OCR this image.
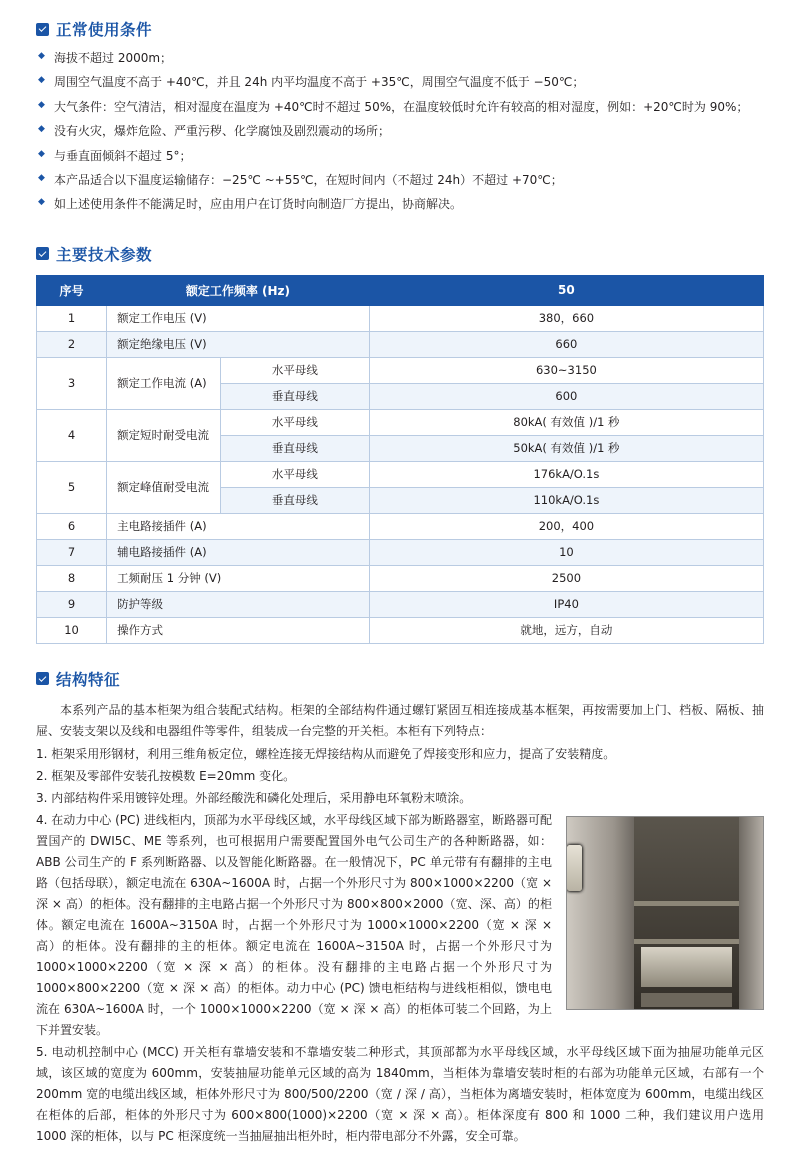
正常使用条件
◆ 海拔不超过 2000m；
◆ 周围空气温度不高于 +40℃，并且 24h 内平均温度不高于 +35℃，周围空气温度不低于 −50℃；
◆ 大气条件：空气清洁，相对湿度在温度为 +40℃时不超过 50%，在温度较低时允许有较高的相对湿度，例如：+20℃时为 90%；
◆ 没有火灾，爆炸危险、严重污秽、化学腐蚀及剧烈震动的场所；
◆ 与垂直面倾斜不超过 5°；
◆ 本产品适合以下温度运输储存：−25℃ ~+55℃，在短时间内（不超过 24h）不超过 +70℃；
◆ 如上述使用条件不能满足时，应由用户在订货时向制造厂方提出，协商解决。
主要技术参数
序号	额定工作频率 (Hz)		50
1	额定工作电压 (V)		380，660
2	额定绝缘电压 (V)		660
3	额定工作电流 (A)	水平母线	630~3150
		垂直母线	600
4	额定短时耐受电流	水平母线	80kA( 有效值 )/1 秒
		垂直母线	50kA( 有效值 )/1 秒
5	额定峰值耐受电流	水平母线	176kA/O.1s
		垂直母线	110kA/O.1s
6	主电路接插件 (A)		200，400
7	辅电路接插件 (A)		10
8	工频耐压 1 分钟 (V)		2500
9	防护等级		IP40
10	操作方式		就地，远方，自动
结构特征

本系列产品的基本柜架为组合装配式结构。柜架的全部结构件通过螺钉紧固互相连接成基本框架，再按需要加上门、档板、隔板、抽屉、安装支架以及线和电器组件等零件，组装成一台完整的开关柜。本柜有下列特点：

1. 柜架采用形钢材，利用三维角板定位，螺栓连接无焊接结构从而避免了焊接变形和应力，提高了安装精度。
2. 框架及零部件安装孔按模数 E=20mm 变化。
3. 内部结构件采用镀锌处理。外部经酸洗和磷化处理后，采用静电环氧粉末喷涂。
4. 在动力中心 (PC) 进线柜内，顶部为水平母线区域，水平母线区域下部为断路器室，断路器可配置国产的 DWI5C、ME 等系列，也可根据用户需要配置国外电气公司生产的各种断路器，如：ABB 公司生产的 F 系列断路器、以及智能化断路器。在一般情况下，PC 单元带有有翻排的主电路（包括母联），额定电流在 630A~1600A 时，占据一个外形尺寸为 800×1000×2200（宽 × 深 × 高）的柜体。没有翻排的主电路占据一个外形尺寸为 800×800×2000（宽、深、高）的柜体。额定电流在 1600A~3150A 时，占据一个外形尺寸为 1000×1000×2200（宽 × 深 × 高）的柜体。没有翻排的主的柜体。额定电流在 1600A~3150A 时，占据一个外形尺寸为 1000×1000×2200（宽 × 深 × 高）的柜体。没有翻排的主电路占据一个外形尺寸为 1000×800×2200（宽 × 深 × 高）的柜体。动力中心 (PC) 馈电柜结构与进线柜相似，馈电电流在 630A~1600A 时，一个 1000×1000×2200（宽 × 深 × 高）的柜体可装二个回路，为上下并置安装。
5. 电动机控制中心 (MCC) 开关柜有靠墙安装和不靠墙安装二种形式，其顶部都为水平母线区域，水平母线区域下面为抽屉功能单元区域，该区域的宽度为 600mm，安装抽屉功能单元区域的高为 1840mm，当柜体为靠墙安装时柜的右部为功能单元区域，右部有一个 200mm 宽的电缆出线区域，柜体外形尺寸为 800/500/2200（宽 / 深 / 高），当柜体为离墙安装时，柜体宽度为 600mm，电缆出线区在柜体的后部，柜体的外形尺寸为 600×800(1000)×2200（宽 × 深 × 高）。柜体深度有 800 和 1000 二种，我们建议用户选用 1000 深的柜体，以与 PC 柜深度统一当抽屉抽出柜外时，柜内带电部分不外露，安全可靠。
